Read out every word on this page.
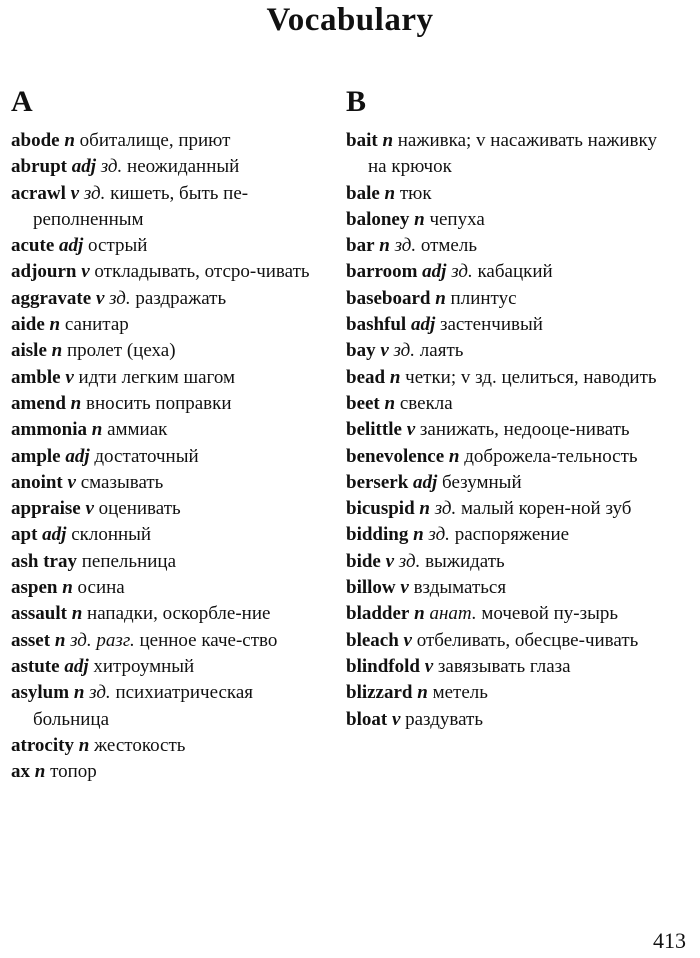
Vocabulary
A
abode n обиталище, приют
abrupt adj зд. неожиданный
acrawl v зд. кишеть, быть пе-реполненным
acute adj острый
adjourn v откладывать, отсро-чивать
aggravate v зд. раздражать
aide n санитар
aisle n пролет (цеха)
amble v идти легким шагом
amend n вносить поправки
ammonia n аммиак
ample adj достаточный
anoint v смазывать
appraise v оценивать
apt adj склонный
ash tray пепельница
aspen n осина
assault n нападки, оскорбле-ние
asset n зд. разг. ценное каче-ство
astute adj хитроумный
asylum n зд. психиатрическая больница
atrocity n жестокость
ax n топор
B
bait n наживка; v насаживать наживку на крючок
bale n тюк
baloney n чепуха
bar n зд. отмель
barroom adj зд. кабацкий
baseboard n плинтус
bashful adj застенчивый
bay v зд. лаять
bead n четки; v зд. целиться, наводить
beet n свекла
belittle v занижать, недооце-нивать
benevolence n доброжела-тельность
berserk adj безумный
bicuspid n зд. малый корен-ной зуб
bidding n зд. распоряжение
bide v зд. выжидать
billow v вздыматься
bladder n анат. мочевой пу-зырь
bleach v отбеливать, обесцве-чивать
blindfold v завязывать глаза
blizzard n метель
bloat v раздувать
413
